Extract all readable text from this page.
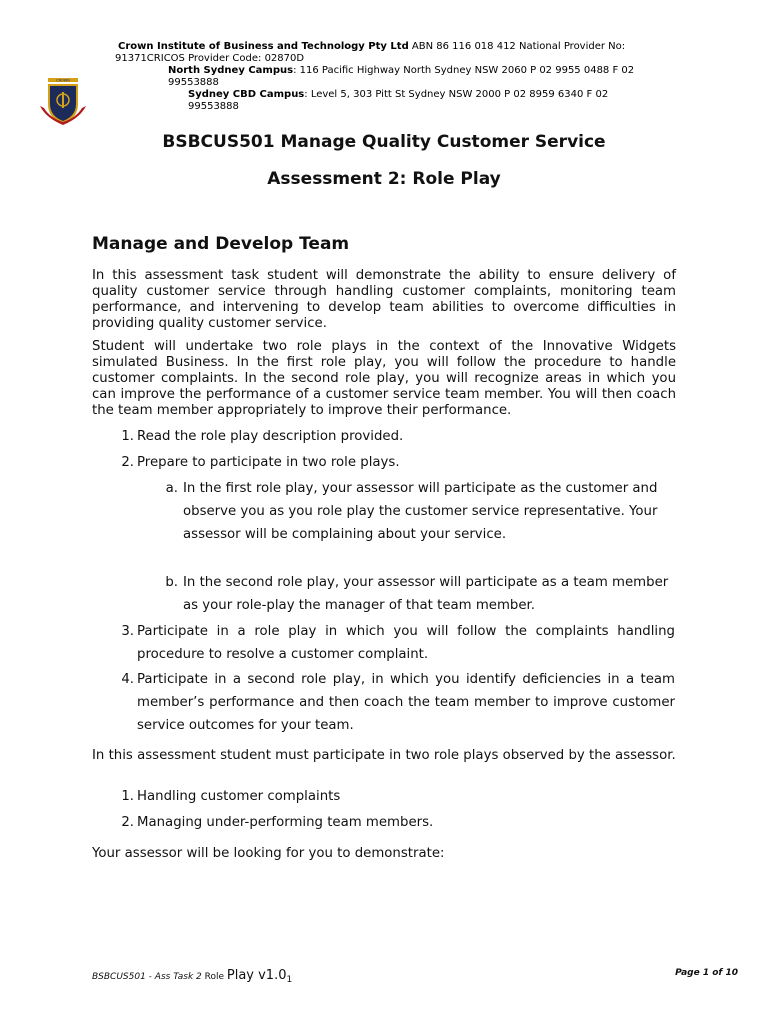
Crown Institute of Business and Technology Pty Ltd ABN 86 116 018 412 National Provider No:
91371CRICOS Provider Code: 02870D
North Sydney Campus: 116 Pacific Highway North Sydney NSW 2060 P 02 9955 0488 F 02
99553888
Sydney CBD Campus: Level 5, 303 Pitt St Sydney NSW 2000 P 02 8959 6340 F 02
99553888
CROWN
BSBCUS501 Manage Quality Customer Service
Assessment 2: Role Play
Manage and Develop Team
In this assessment task student will demonstrate the ability to ensure delivery of quality customer service through handling customer complaints, monitoring team performance, and intervening to develop team abilities to overcome difficulties in providing quality customer service.
Student will undertake two role plays in the context of the Innovative Widgets simulated Business. In the first role play, you will follow the procedure to handle customer complaints. In the second role play, you will recognize areas in which you can improve the performance of a customer service team member. You will then coach the team member appropriately to improve their performance.
1. Read the role play description provided.
2. Prepare to participate in two role plays.
a. In the first role play, your assessor will participate as the customer and observe you as you role play the customer service representative. Your assessor will be complaining about your service.
b. In the second role play, your assessor will participate as a team member as your role-play the manager of that team member.
3. Participate in a role play in which you will follow the complaints handling procedure to resolve a customer complaint.
4. Participate in a second role play, in which you identify deficiencies in a team member’s performance and then coach the team member to improve customer service outcomes for your team.
In this assessment student must participate in two role plays observed by the assessor.
1. Handling customer complaints
2. Managing under-performing team members.
Your assessor will be looking for you to demonstrate:
BSBCUS501 - Ass Task 2 Role Play $v1.0_1$
Page 1 of 10
